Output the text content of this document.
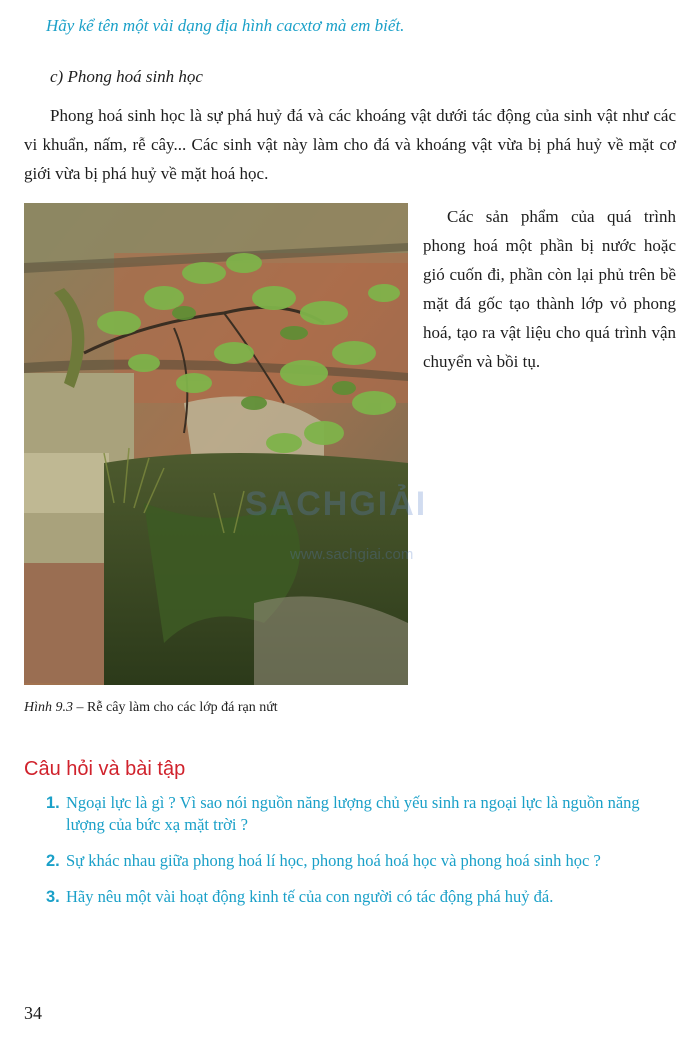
Hãy kể tên một vài dạng địa hình cacxtơ mà em biết.
c) Phong hoá sinh học

Phong hoá sinh học là sự phá huỷ đá và các khoáng vật dưới tác động của sinh vật như các vi khuẩn, nấm, rễ cây... Các sinh vật này làm cho đá và khoáng vật vừa bị phá huỷ về mặt cơ giới vừa bị phá huỷ về mặt hoá học.

Các sản phẩm của quá trình phong hoá một phần bị nước hoặc gió cuốn đi, phần còn lại phủ trên bề mặt đá gốc tạo thành lớp vỏ phong hoá, tạo ra vật liệu cho quá trình vận chuyển và bồi tụ.

Hình 9.3 – Rễ cây làm cho các lớp đá rạn nứt
SACHGIẢI
www.sachgiai.com
Câu hỏi và bài tập
1. Ngoại lực là gì ? Vì sao nói nguồn năng lượng chủ yếu sinh ra ngoại lực là nguồn năng lượng của bức xạ mặt trời ?
2. Sự khác nhau giữa phong hoá lí học, phong hoá hoá học và phong hoá sinh học ?
3. Hãy nêu một vài hoạt động kinh tế của con người có tác động phá huỷ đá.
34
